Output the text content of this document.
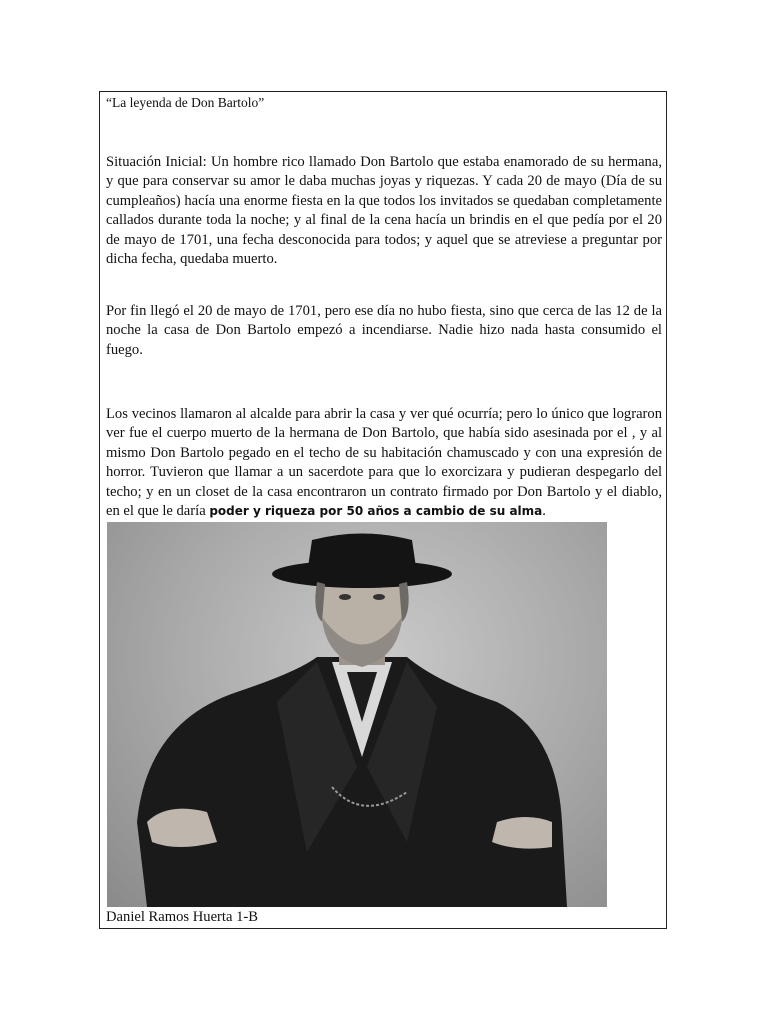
“La leyenda de Don Bartolo”
Situación Inicial: Un hombre rico llamado Don Bartolo que estaba enamorado de su hermana, y que para conservar su amor le daba muchas joyas y riquezas. Y cada 20 de mayo (Día de su cumpleaños) hacía una enorme fiesta en la que todos los invitados se quedaban completamente callados durante toda la noche; y al final de la cena hacía un brindis en el que pedía por el 20 de mayo de 1701, una fecha desconocida para todos; y aquel que se atreviese a preguntar por dicha fecha, quedaba muerto.
Por fin llegó el 20 de mayo de 1701, pero ese día no hubo fiesta, sino que cerca de las 12 de la noche la casa de Don Bartolo empezó a incendiarse. Nadie hizo nada hasta consumido el fuego.
Los vecinos llamaron al alcalde para abrir la casa y ver qué ocurría; pero lo único que lograron ver fue el cuerpo muerto de la hermana de Don Bartolo, que había sido asesinada por el , y al mismo Don Bartolo pegado en el techo de su habitación chamuscado y con una expresión de horror. Tuvieron que llamar a un sacerdote para que lo exorcizara y pudieran despegarlo del techo; y en un closet de la casa encontraron un contrato firmado por Don Bartolo y el diablo, en el que le daría poder y riqueza por 50 años a cambio de su alma.
Daniel Ramos Huerta 1-B
